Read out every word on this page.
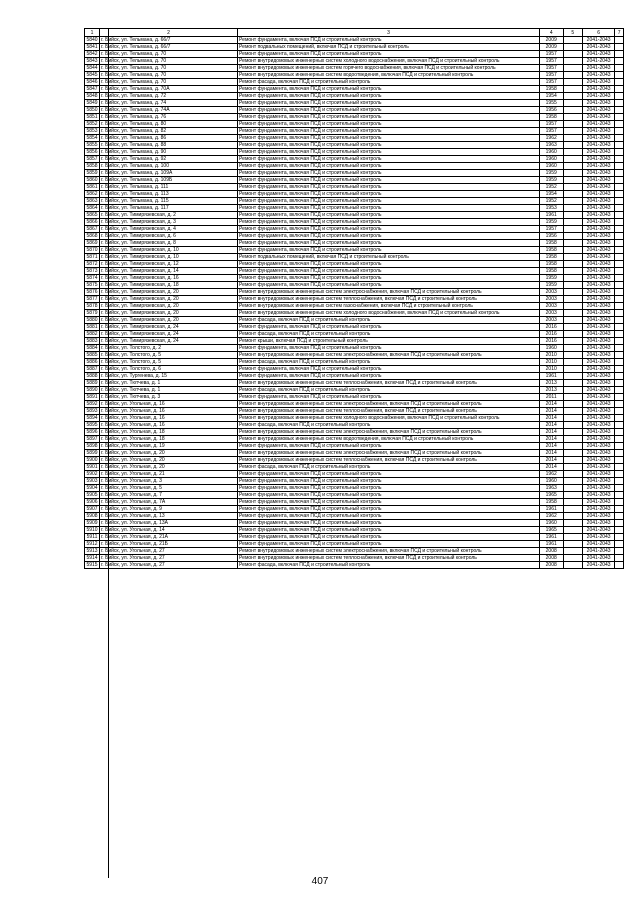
1	2	3	4	5	6	7
5840	г. Бийск, ул. Тельмана, д. 66/7	Ремонт фундамента, включая ПСД и строительный контроль	2009		2041-2043	
5841	г. Бийск, ул. Тельмана, д. 66/7	Ремонт подвальных помещений, включая ПСД и строительный контроль	2009		2041-2043	
5842	г. Бийск, ул. Тельмана, д. 70	Ремонт фундамента, включая ПСД и строительный контроль	1957		2041-2043	
5843	г. Бийск, ул. Тельмана, д. 70	Ремонт внутридомовых инженерных систем холодного водоснабжения, включая ПСД и строительный контроль	1957		2041-2043	
5844	г. Бийск, ул. Тельмана, д. 70	Ремонт внутридомовых инженерных систем горячего водоснабжения, включая ПСД и строительный контроль	1957		2041-2043	
5845	г. Бийск, ул. Тельмана, д. 70	Ремонт внутридомовых инженерных систем водоотведения, включая ПСД и строительный контроль	1957		2041-2043	
5846	г. Бийск, ул. Тельмана, д. 70	Ремонт фасада, включая ПСД и строительный контроль	1957		2041-2043	
5847	г. Бийск, ул. Тельмана, д. 70А	Ремонт фундамента, включая ПСД и строительный контроль	1958		2041-2043	
5848	г. Бийск, ул. Тельмана, д. 72	Ремонт фундамента, включая ПСД и строительный контроль	1954		2041-2043	
5849	г. Бийск, ул. Тельмана, д. 74	Ремонт фундамента, включая ПСД и строительный контроль	1955		2041-2043	
5850	г. Бийск, ул. Тельмана, д. 74А	Ремонт фундамента, включая ПСД и строительный контроль	1956		2041-2043	
5851	г. Бийск, ул. Тельмана, д. 76	Ремонт фундамента, включая ПСД и строительный контроль	1958		2041-2043	
5852	г. Бийск, ул. Тельмана, д. 80	Ремонт фундамента, включая ПСД и строительный контроль	1957		2041-2043	
5853	г. Бийск, ул. Тельмана, д. 82	Ремонт фундамента, включая ПСД и строительный контроль	1957		2041-2043	
5854	г. Бийск, ул. Тельмана, д. 86	Ремонт фундамента, включая ПСД и строительный контроль	1962		2041-2043	
5855	г. Бийск, ул. Тельмана, д. 88	Ремонт фундамента, включая ПСД и строительный контроль	1963		2041-2043	
5856	г. Бийск, ул. Тельмана, д. 90	Ремонт фундамента, включая ПСД и строительный контроль	1960		2041-2043	
5857	г. Бийск, ул. Тельмана, д. 92	Ремонт фундамента, включая ПСД и строительный контроль	1960		2041-2043	
5858	г. Бийск, ул. Тельмана, д. 100	Ремонт фундамента, включая ПСД и строительный контроль	1960		2041-2043	
5859	г. Бийск, ул. Тельмана, д. 109А	Ремонт фундамента, включая ПСД и строительный контроль	1959		2041-2043	
5860	г. Бийск, ул. Тельмана, д. 109Б	Ремонт фундамента, включая ПСД и строительный контроль	1959		2041-2043	
5861	г. Бийск, ул. Тельмана, д. 111	Ремонт фундамента, включая ПСД и строительный контроль	1952		2041-2043	
5862	г. Бийск, ул. Тельмана, д. 113	Ремонт фундамента, включая ПСД и строительный контроль	1954		2041-2043	
5863	г. Бийск, ул. Тельмана, д. 115	Ремонт фундамента, включая ПСД и строительный контроль	1952		2041-2043	
5864	г. Бийск, ул. Тельмана, д. 117	Ремонт фундамента, включая ПСД и строительный контроль	1953		2041-2043	
5865	г. Бийск, ул. Тимирязевская, д. 2	Ремонт фундамента, включая ПСД и строительный контроль	1961		2041-2043	
5866	г. Бийск, ул. Тимирязевская, д. 3	Ремонт фундамента, включая ПСД и строительный контроль	1959		2041-2043	
5867	г. Бийск, ул. Тимирязевская, д. 4	Ремонт фундамента, включая ПСД и строительный контроль	1957		2041-2043	
5868	г. Бийск, ул. Тимирязевская, д. 6	Ремонт фундамента, включая ПСД и строительный контроль	1956		2041-2043	
5869	г. Бийск, ул. Тимирязевская, д. 8	Ремонт фундамента, включая ПСД и строительный контроль	1958		2041-2043	
5870	г. Бийск, ул. Тимирязевская, д. 10	Ремонт фундамента, включая ПСД и строительный контроль	1958		2041-2043	
5871	г. Бийск, ул. Тимирязевская, д. 10	Ремонт подвальных помещений, включая ПСД и строительный контроль	1958		2041-2043	
5872	г. Бийск, ул. Тимирязевская, д. 12	Ремонт фундамента, включая ПСД и строительный контроль	1958		2041-2043	
5873	г. Бийск, ул. Тимирязевская, д. 14	Ремонт фундамента, включая ПСД и строительный контроль	1958		2041-2043	
5874	г. Бийск, ул. Тимирязевская, д. 16	Ремонт фундамента, включая ПСД и строительный контроль	1959		2041-2043	
5875	г. Бийск, ул. Тимирязевская, д. 18	Ремонт фундамента, включая ПСД и строительный контроль	1959		2041-2043	
5876	г. Бийск, ул. Тимирязевская, д. 20	Ремонт внутридомовых инженерных систем электроснабжения, включая ПСД и строительный контроль	2003		2041-2043	
5877	г. Бийск, ул. Тимирязевская, д. 20	Ремонт внутридомовых инженерных систем теплоснабжения, включая ПСД и строительный контроль	2003		2041-2043	
5878	г. Бийск, ул. Тимирязевская, д. 20	Ремонт внутридомовых инженерных систем газоснабжения, включая ПСД и строительный контроль	2003		2041-2043	
5879	г. Бийск, ул. Тимирязевская, д. 20	Ремонт внутридомовых инженерных систем холодного водоснабжения, включая ПСД и строительный контроль	2003		2041-2043	
5880	г. Бийск, ул. Тимирязевская, д. 20	Ремонт фасада, включая ПСД и строительный контроль	2003		2041-2043	
5881	г. Бийск, ул. Тимирязевская, д. 24	Ремонт фундамента, включая ПСД и строительный контроль	2016		2041-2043	
5882	г. Бийск, ул. Тимирязевская, д. 24	Ремонт фасада, включая ПСД и строительный контроль	2016		2041-2043	
5883	г. Бийск, ул. Тимирязевская, д. 24	Ремонт крыши, включая ПСД и строительный контроль	2016		2041-2043	
5884	г. Бийск, ул. Толстого, д. 2	Ремонт фундамента, включая ПСД и строительный контроль	1960		2041-2043	
5885	г. Бийск, ул. Толстого, д. 5	Ремонт внутридомовых инженерных систем электроснабжения, включая ПСД и строительный контроль	2010		2041-2043	
5886	г. Бийск, ул. Толстого, д. 5	Ремонт фасада, включая ПСД и строительный контроль	2010		2041-2043	
5887	г. Бийск, ул. Толстого, д. 6	Ремонт фундамента, включая ПСД и строительный контроль	2010		2041-2043	
5888	г. Бийск, ул. Тургенева, д. 15	Ремонт фундамента, включая ПСД и строительный контроль	1961		2041-2043	
5889	г. Бийск, ул. Тютчева, д. 1	Ремонт внутридомовых инженерных систем теплоснабжения, включая ПСД и строительный контроль	2013		2041-2043	
5890	г. Бийск, ул. Тютчева, д. 1	Ремонт фасада, включая ПСД и строительный контроль	2013		2041-2043	
5891	г. Бийск, ул. Тютчева, д. 3	Ремонт фундамента, включая ПСД и строительный контроль	2011		2041-2043	
5892	г. Бийск, ул. Угольная, д. 16	Ремонт внутридомовых инженерных систем электроснабжения, включая ПСД и строительный контроль	2014		2041-2043	
5893	г. Бийск, ул. Угольная, д. 16	Ремонт внутридомовых инженерных систем теплоснабжения, включая ПСД и строительный контроль	2014		2041-2043	
5894	г. Бийск, ул. Угольная, д. 16	Ремонт внутридомовых инженерных систем холодного водоснабжения, включая ПСД и строительный контроль	2014		2041-2043	
5895	г. Бийск, ул. Угольная, д. 16	Ремонт фасада, включая ПСД и строительный контроль	2014		2041-2043	
5896	г. Бийск, ул. Угольная, д. 18	Ремонт внутридомовых инженерных систем электроснабжения, включая ПСД и строительный контроль	2014		2041-2043	
5897	г. Бийск, ул. Угольная, д. 18	Ремонт внутридомовых инженерных систем водоотведения, включая ПСД и строительный контроль	2014		2041-2043	
5898	г. Бийск, ул. Угольная, д. 19	Ремонт фундамента, включая ПСД и строительный контроль	2014		2041-2043	
5899	г. Бийск, ул. Угольная, д. 20	Ремонт внутридомовых инженерных систем электроснабжения, включая ПСД и строительный контроль	2014		2041-2043	
5900	г. Бийск, ул. Угольная, д. 20	Ремонт внутридомовых инженерных систем теплоснабжения, включая ПСД и строительный контроль	2014		2041-2043	
5901	г. Бийск, ул. Угольная, д. 20	Ремонт фасада, включая ПСД и строительный контроль	2014		2041-2043	
5902	г. Бийск, ул. Угольная, д. 21	Ремонт фундамента, включая ПСД и строительный контроль	1962		2041-2043	
5903	г. Бийск, ул. Угольная, д. 3	Ремонт фундамента, включая ПСД и строительный контроль	1960		2041-2043	
5904	г. Бийск, ул. Угольная, д. 5	Ремонт фундамента, включая ПСД и строительный контроль	1963		2041-2043	
5905	г. Бийск, ул. Угольная, д. 7	Ремонт фундамента, включая ПСД и строительный контроль	1965		2041-2043	
5906	г. Бийск, ул. Угольная, д. 7А	Ремонт фундамента, включая ПСД и строительный контроль	1958		2041-2043	
5907	г. Бийск, ул. Угольная, д. 9	Ремонт фундамента, включая ПСД и строительный контроль	1961		2041-2043	
5908	г. Бийск, ул. Угольная, д. 13	Ремонт фундамента, включая ПСД и строительный контроль	1962		2041-2043	
5909	г. Бийск, ул. Угольная, д. 13А	Ремонт фундамента, включая ПСД и строительный контроль	1960		2041-2043	
5910	г. Бийск, ул. Угольная, д. 14	Ремонт фундамента, включая ПСД и строительный контроль	1965		2041-2043	
5911	г. Бийск, ул. Угольная, д. 21А	Ремонт фундамента, включая ПСД и строительный контроль	1961		2041-2043	
5912	г. Бийск, ул. Угольная, д. 21Б	Ремонт фундамента, включая ПСД и строительный контроль	1961		2041-2043	
5913	г. Бийск, ул. Угольная, д. 27	Ремонт внутридомовых инженерных систем электроснабжения, включая ПСД и строительный контроль	2008		2041-2043	
5914	г. Бийск, ул. Угольная, д. 27	Ремонт внутридомовых инженерных систем теплоснабжения, включая ПСД и строительный контроль	2008		2041-2043	
5915	г. Бийск, ул. Угольная, д. 27	Ремонт фасада, включая ПСД и строительный контроль	2008		2041-2043	
407
